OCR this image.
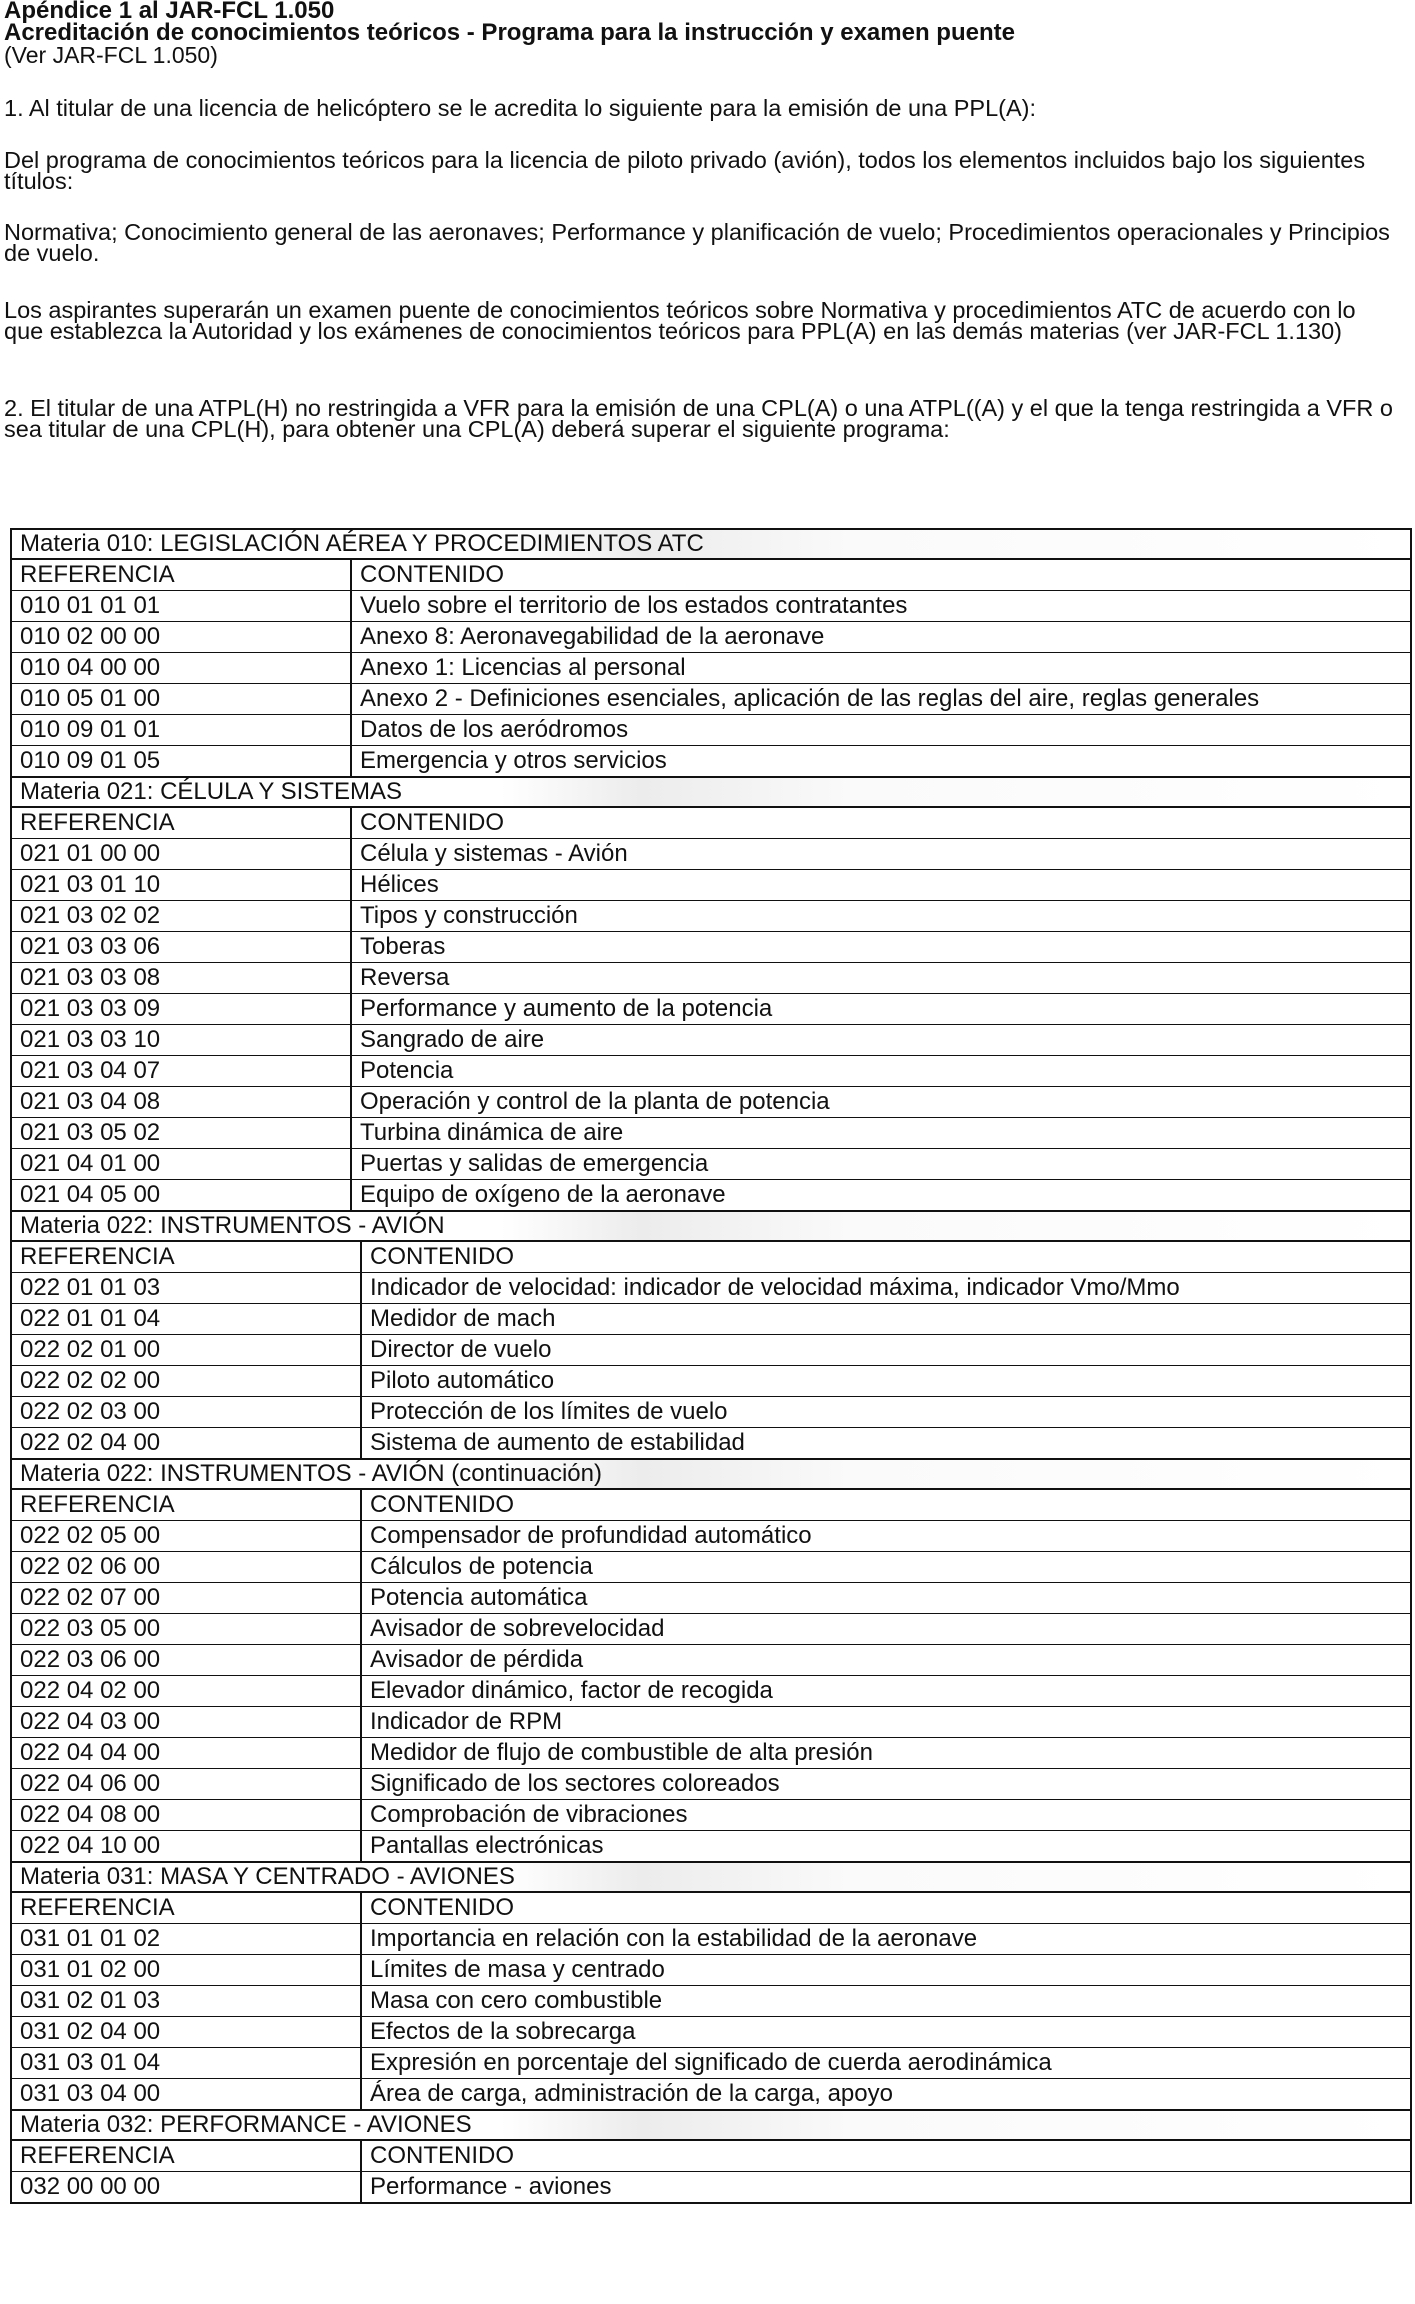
Apéndice 1 al JAR-FCL 1.050
Acreditación de conocimientos teóricos - Programa para la instrucción y examen puente
(Ver JAR-FCL 1.050)

1. Al titular de una licencia de helicóptero se le acredita lo siguiente para la emisión de una PPL(A):

Del programa de conocimientos teóricos para la licencia de piloto privado (avión), todos los elementos incluidos bajo los siguientes títulos:

Normativa; Conocimiento general de las aeronaves; Performance y planificación de vuelo; Procedimientos operacionales y Principios de vuelo.

Los aspirantes superarán un examen puente de conocimientos teóricos sobre Normativa y procedimientos ATC de acuerdo con lo que establezca la Autoridad y los exámenes de conocimientos teóricos para PPL(A) en las demás materias (ver JAR-FCL 1.130)

2. El titular de una ATPL(H) no restringida a VFR para la emisión de una CPL(A) o una ATPL((A) y el que la tenga restringida a VFR o sea titular de una CPL(H), para obtener una CPL(A) deberá superar el siguiente programa:

Materia 010: LEGISLACIÓN AÉREA Y PROCEDIMIENTOS ATC
REFERENCIA	CONTENIDO
010 01 01 01	Vuelo sobre el territorio de los estados contratantes
010 02 00 00	Anexo 8: Aeronavegabilidad de la aeronave
010 04 00 00	Anexo 1: Licencias al personal
010 05 01 00	Anexo 2 - Definiciones esenciales, aplicación de las reglas del aire, reglas generales
010 09 01 01	Datos de los aeródromos
010 09 01 05	Emergencia y otros servicios
Materia 021: CÉLULA Y SISTEMAS
REFERENCIA	CONTENIDO
021 01 00 00	Célula y sistemas - Avión
021 03 01 10	Hélices
021 03 02 02	Tipos y construcción
021 03 03 06	Toberas
021 03 03 08	Reversa
021 03 03 09	Performance y aumento de la potencia
021 03 03 10	Sangrado de aire
021 03 04 07	Potencia
021 03 04 08	Operación y control de la planta de potencia
021 03 05 02	Turbina dinámica de aire
021 04 01 00	Puertas y salidas de emergencia
021 04 05 00	Equipo de oxígeno de la aeronave
Materia 022: INSTRUMENTOS - AVIÓN
REFERENCIA	CONTENIDO
022 01 01 03	Indicador de velocidad: indicador de velocidad máxima, indicador Vmo/Mmo
022 01 01 04	Medidor de mach
022 02 01 00	Director de vuelo
022 02 02 00	Piloto automático
022 02 03 00	Protección de los límites de vuelo
022 02 04 00	Sistema de aumento de estabilidad
Materia 022: INSTRUMENTOS - AVIÓN (continuación)
REFERENCIA	CONTENIDO
022 02 05 00	Compensador de profundidad automático
022 02 06 00	Cálculos de potencia
022 02 07 00	Potencia automática
022 03 05 00	Avisador de sobrevelocidad
022 03 06 00	Avisador de pérdida
022 04 02 00	Elevador dinámico, factor de recogida
022 04 03 00	Indicador de RPM
022 04 04 00	Medidor de flujo de combustible de alta presión
022 04 06 00	Significado de los sectores coloreados
022 04 08 00	Comprobación de vibraciones
022 04 10 00	Pantallas electrónicas
Materia 031: MASA Y CENTRADO - AVIONES
REFERENCIA	CONTENIDO
031 01 01 02	Importancia en relación con la estabilidad de la aeronave
031 01 02 00	Límites de masa y centrado
031 02 01 03	Masa con cero combustible
031 02 04 00	Efectos de la sobrecarga
031 03 01 04	Expresión en porcentaje del significado de cuerda aerodinámica
031 03 04 00	Área de carga, administración de la carga, apoyo
Materia 032: PERFORMANCE - AVIONES
REFERENCIA	CONTENIDO
032 00 00 00	Performance - aviones
